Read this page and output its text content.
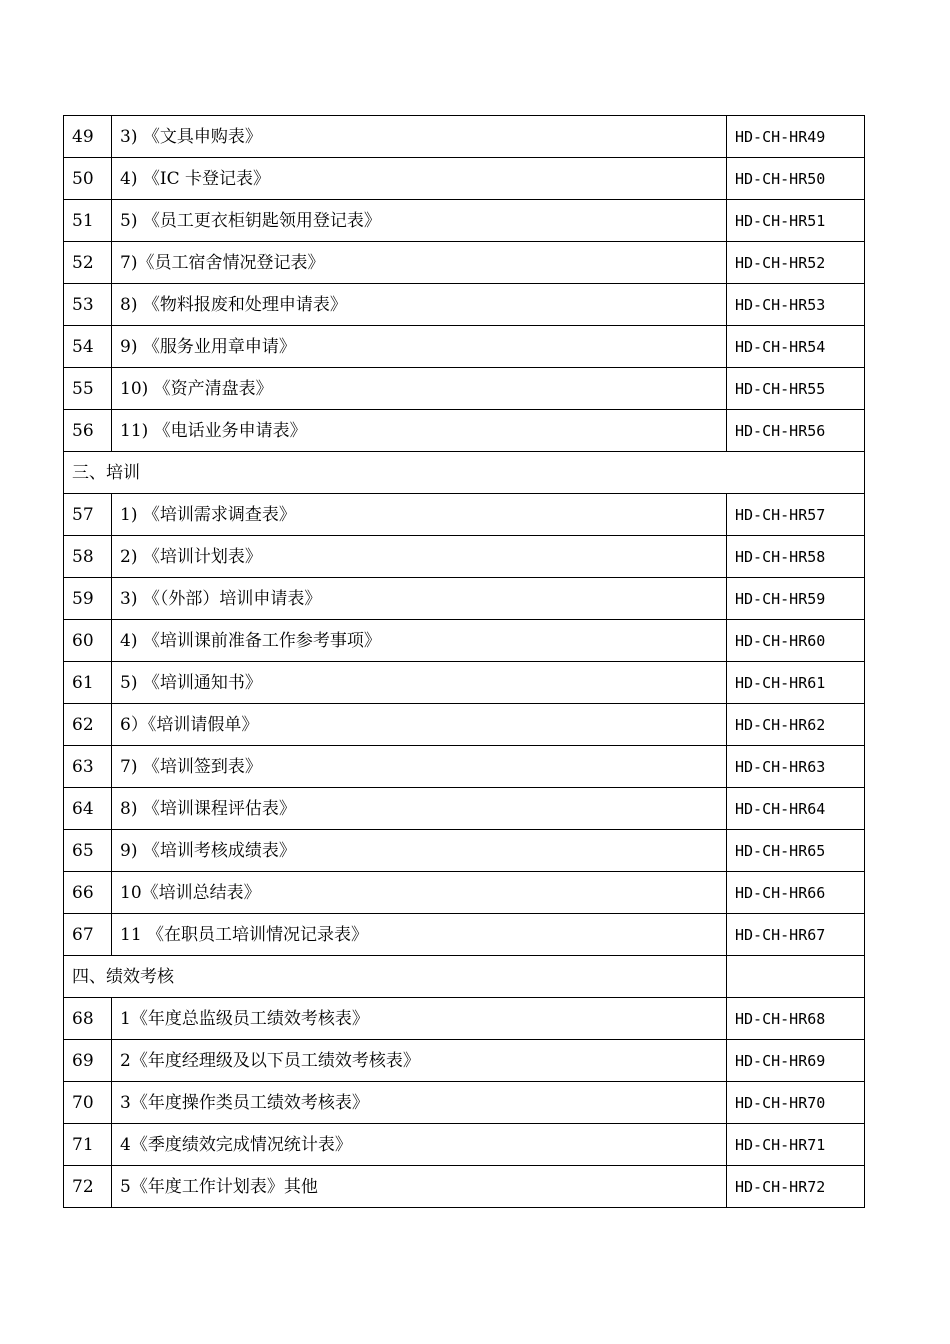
49	3) 《文具申购表》	HD-CH-HR49
50	4) 《IC 卡登记表》	HD-CH-HR50
51	5) 《员工更衣柜钥匙领用登记表》	HD-CH-HR51
52	7)《员工宿舍情况登记表》	HD-CH-HR52
53	8) 《物料报废和处理申请表》	HD-CH-HR53
54	9) 《服务业用章申请》	HD-CH-HR54
55	10) 《资产清盘表》	HD-CH-HR55
56	11) 《电话业务申请表》	HD-CH-HR56
三、培训		
57	1) 《培训需求调查表》	HD-CH-HR57
58	2) 《培训计划表》	HD-CH-HR58
59	3) 《（外部）培训申请表》	HD-CH-HR59
60	4) 《培训课前准备工作参考事项》	HD-CH-HR60
61	5) 《培训通知书》	HD-CH-HR61
62	6）《培训请假单》	HD-CH-HR62
63	7) 《培训签到表》	HD-CH-HR63
64	8) 《培训课程评估表》	HD-CH-HR64
65	9) 《培训考核成绩表》	HD-CH-HR65
66	10《培训总结表》	HD-CH-HR66
67	11 《在职员工培训情况记录表》	HD-CH-HR67
四、绩效考核		
68	1《年度总监级员工绩效考核表》	HD-CH-HR68
69	2《年度经理级及以下员工绩效考核表》	HD-CH-HR69
70	3《年度操作类员工绩效考核表》	HD-CH-HR70
71	4《季度绩效完成情况统计表》	HD-CH-HR71
72	5《年度工作计划表》其他	HD-CH-HR72
